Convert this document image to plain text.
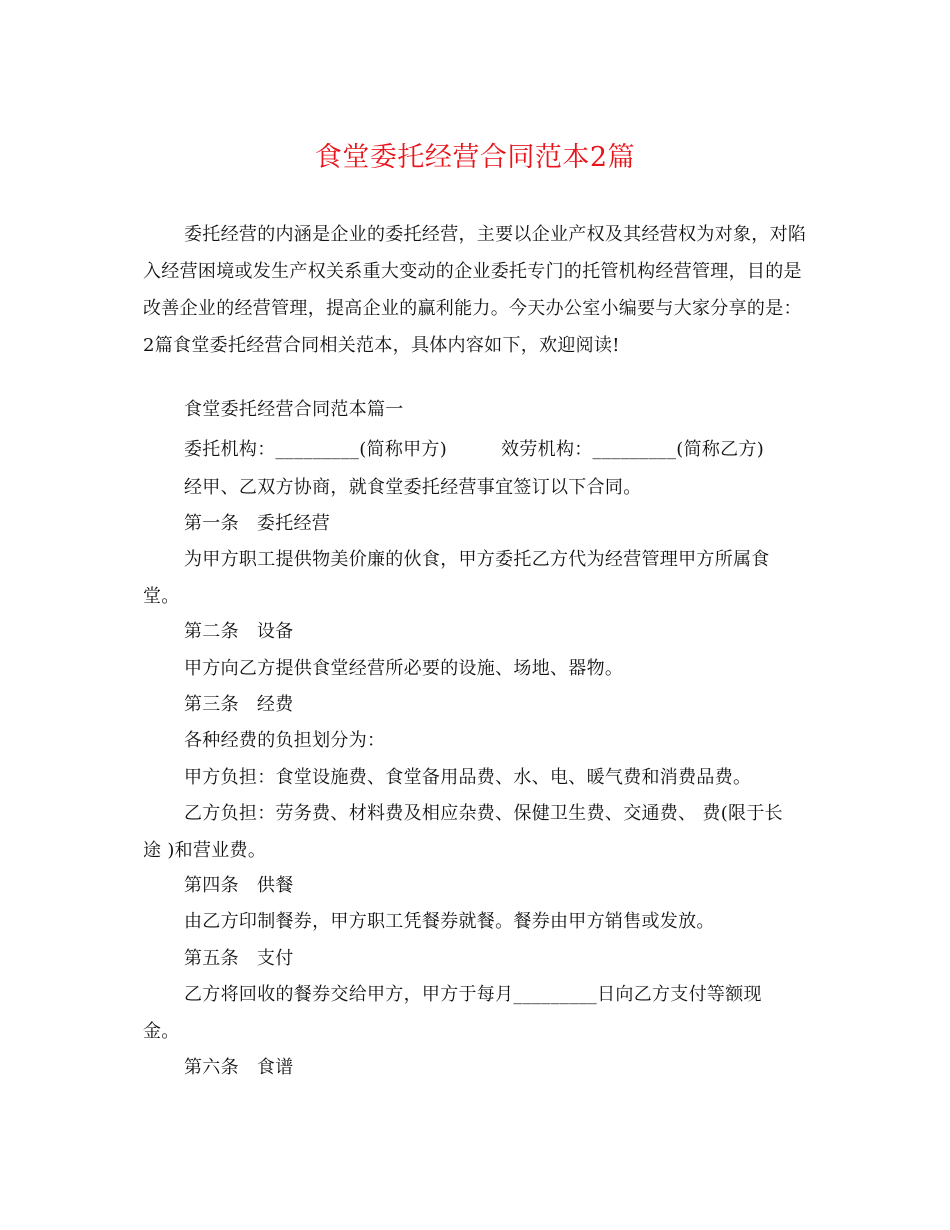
食堂委托经营合同范本2篇

委托经营的内涵是企业的委托经营，主要以企业产权及其经营权为对象，对陷入经营困境或发生产权关系重大变动的企业委托专门的托管机构经营管理，目的是改善企业的经营管理，提高企业的赢利能力。今天办公室小编要与大家分享的是：2篇食堂委托经营合同相关范本，具体内容如下，欢迎阅读!

食堂委托经营合同范本篇一
委托机构：_________(简称甲方)	效劳机构：_________(简称乙方)
经甲、乙双方协商，就食堂委托经营事宜签订以下合同。
第一条 委托经营
为甲方职工提供物美价廉的伙食，甲方委托乙方代为经营管理甲方所属食
堂。
第二条 设备
甲方向乙方提供食堂经营所必要的设施、场地、器物。
第三条 经费
各种经费的负担划分为：
甲方负担：食堂设施费、食堂备用品费、水、电、暖气费和消费品费。
乙方负担：劳务费、材料费及相应杂费、保健卫生费、交通费、 费(限于长
途 )和营业费。
第四条 供餐
由乙方印制餐券，甲方职工凭餐券就餐。餐券由甲方销售或发放。
第五条 支付
乙方将回收的餐券交给甲方，甲方于每月_________日向乙方支付等额现
金。
第六条 食谱
